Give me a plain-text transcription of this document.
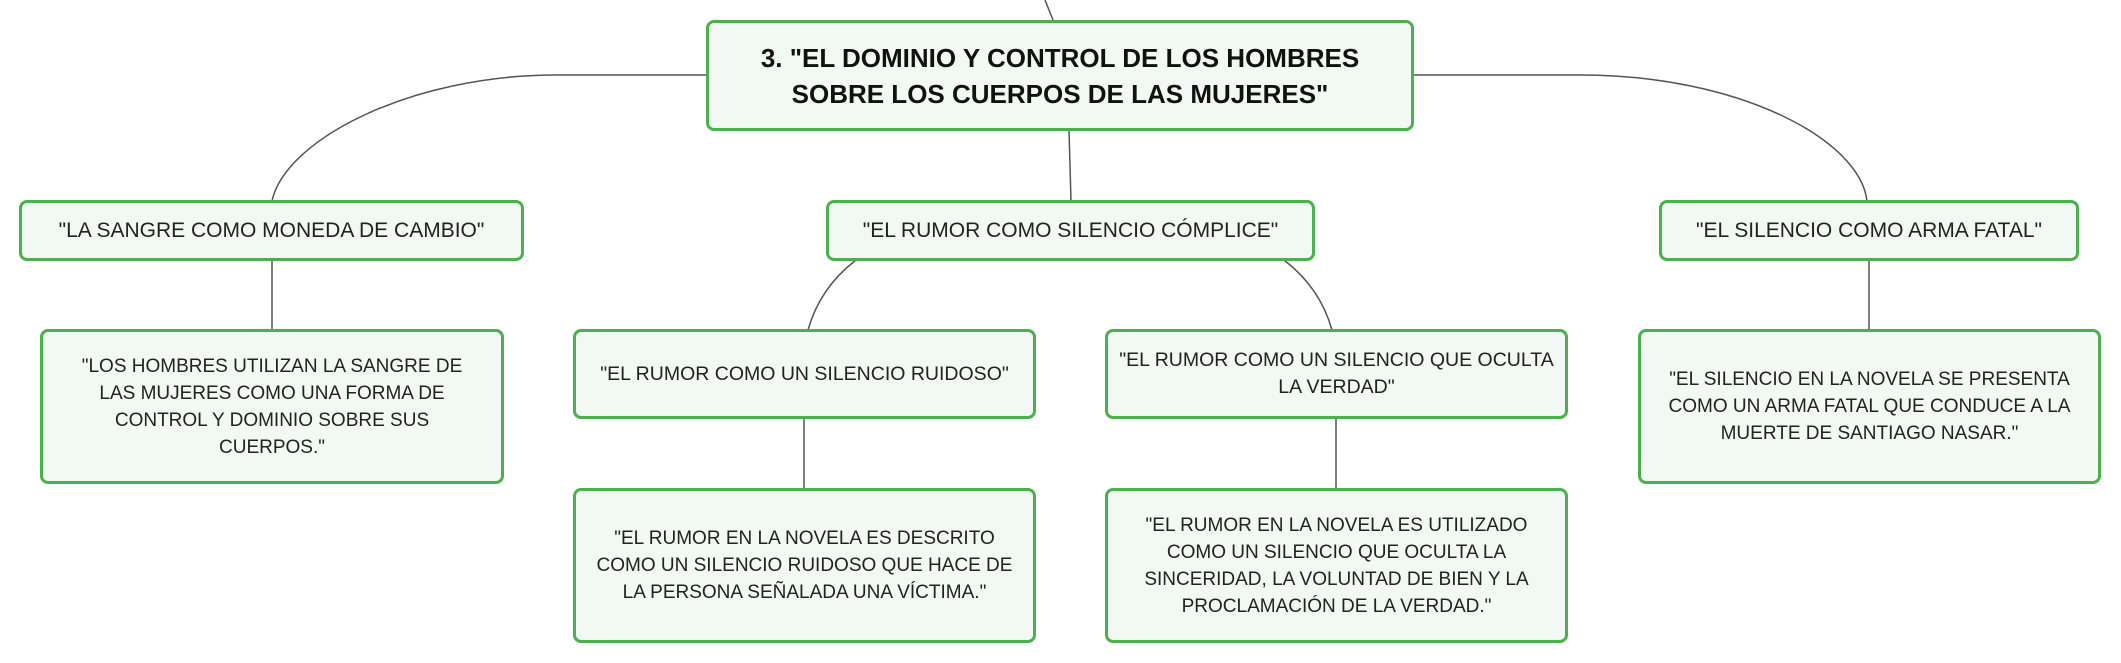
3. "EL DOMINIO Y CONTROL DE LOS HOMBRES SOBRE LOS CUERPOS DE LAS MUJERES"
"LA SANGRE COMO MONEDA DE CAMBIO"	"EL RUMOR COMO SILENCIO CÓMPLICE"	"EL SILENCIO COMO ARMA FATAL"
"LOS HOMBRES UTILIZAN LA SANGRE DE LAS MUJERES COMO UNA FORMA DE CONTROL Y DOMINIO SOBRE SUS CUERPOS."
"EL RUMOR COMO UN SILENCIO RUIDOSO"
"EL RUMOR COMO UN SILENCIO QUE OCULTA LA VERDAD"
"EL RUMOR EN LA NOVELA ES DESCRITO COMO UN SILENCIO RUIDOSO QUE HACE DE LA PERSONA SEÑALADA UNA VÍCTIMA."
"EL RUMOR EN LA NOVELA ES UTILIZADO COMO UN SILENCIO QUE OCULTA LA SINCERIDAD, LA VOLUNTAD DE BIEN Y LA PROCLAMACIÓN DE LA VERDAD."
"EL SILENCIO EN LA NOVELA SE PRESENTA COMO UN ARMA FATAL QUE CONDUCE A LA MUERTE DE SANTIAGO NASAR."
